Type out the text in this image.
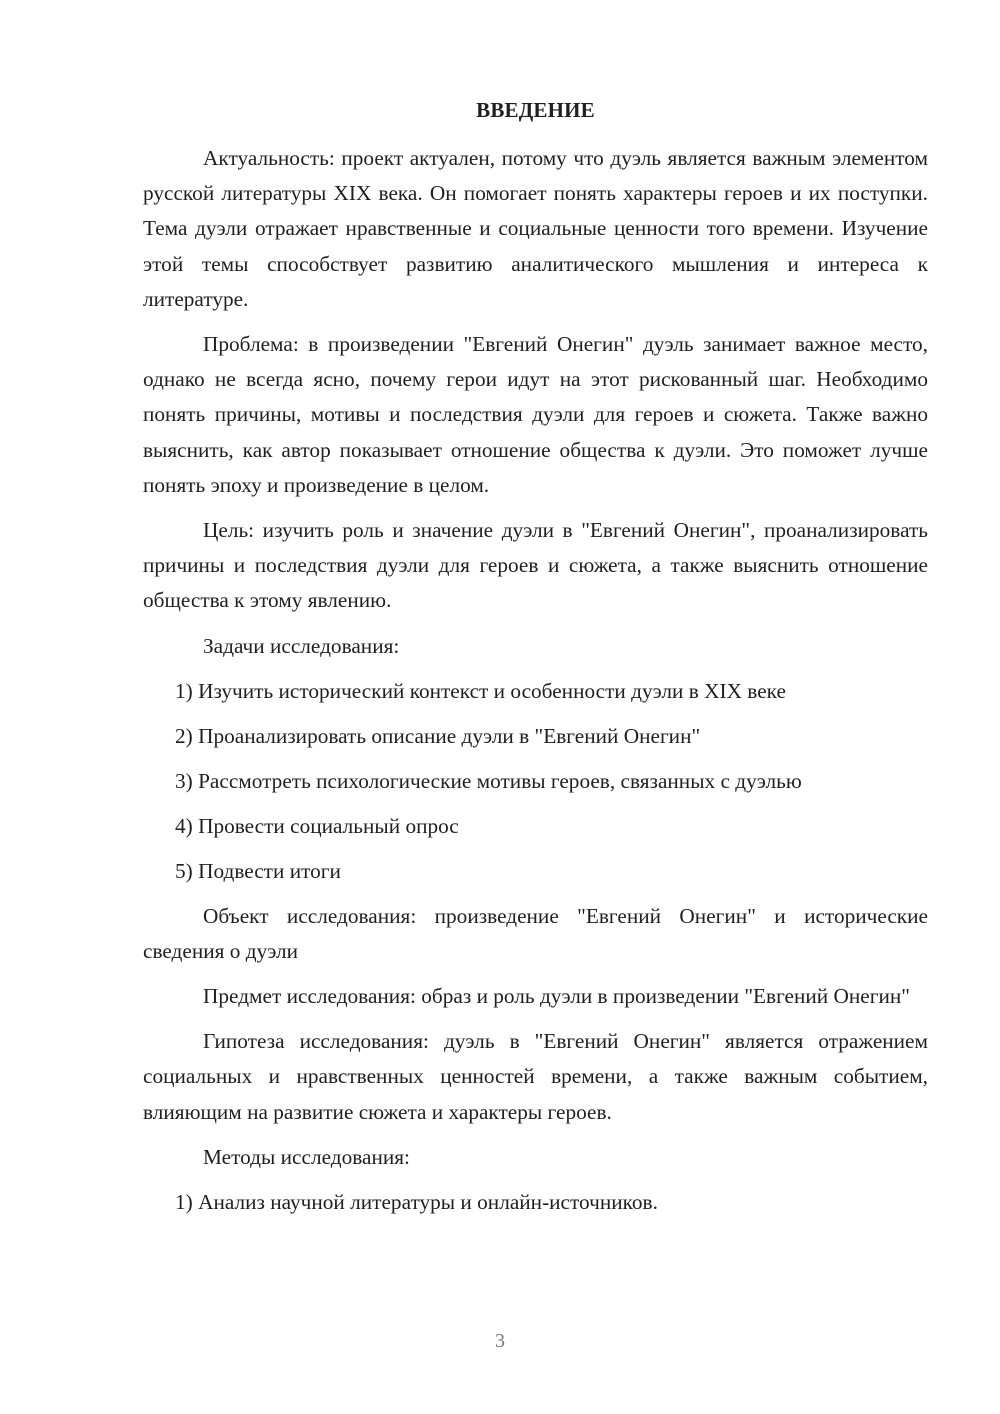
ВВЕДЕНИЕ

Актуальность: проект актуален, потому что дуэль является важным элементом русской литературы XIX века. Он помогает понять характеры героев и их поступки. Тема дуэли отражает нравственные и социальные ценности того времени. Изучение этой темы способствует развитию аналитического мышления и интереса к литературе.

Проблема: в произведении "Евгений Онегин" дуэль занимает важное место, однако не всегда ясно, почему герои идут на этот рискованный шаг. Необходимо понять причины, мотивы и последствия дуэли для героев и сюжета. Также важно выяснить, как автор показывает отношение общества к дуэли. Это поможет лучше понять эпоху и произведение в целом.

Цель: изучить роль и значение дуэли в "Евгений Онегин", проанализировать причины и последствия дуэли для героев и сюжета, а также выяснить отношение общества к этому явлению.

Задачи исследования:
1) Изучить исторический контекст и особенности дуэли в XIX веке
2) Проанализировать описание дуэли в "Евгений Онегин"
3) Рассмотреть психологические мотивы героев, связанных с дуэлью
4) Провести социальный опрос
5) Подвести итоги

Объект исследования: произведение "Евгений Онегин" и исторические сведения о дуэли

Предмет исследования: образ и роль дуэли в произведении "Евгений Онегин"

Гипотеза исследования: дуэль в "Евгений Онегин" является отражением социальных и нравственных ценностей времени, а также важным событием, влияющим на развитие сюжета и характеры героев.

Методы исследования:
1) Анализ научной литературы и онлайн-источников.
3
